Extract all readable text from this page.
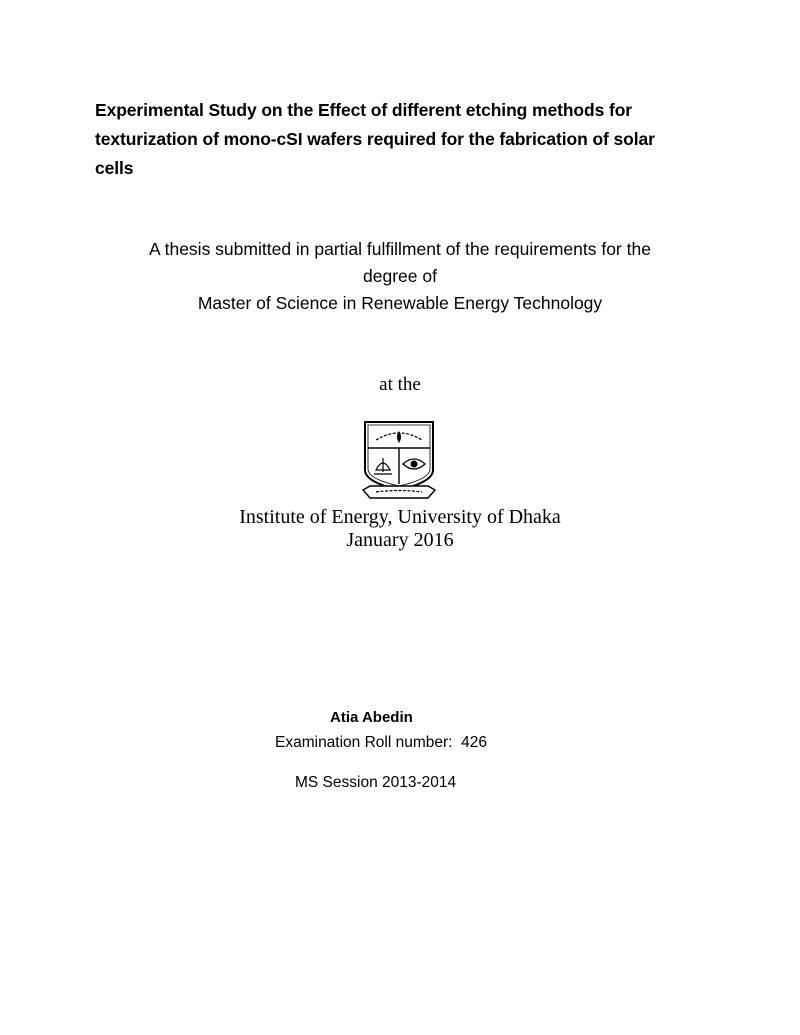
Experimental Study on the Effect of different etching methods for
texturization of mono-cSI wafers required for the fabrication of solar
cells
A thesis submitted in partial fulfillment of the requirements for the
degree of
Master of Science in Renewable Energy Technology
at the
Institute of Energy, University of Dhaka
January 2016
Atia Abedin
Examination Roll number:  426
MS Session 2013-2014
